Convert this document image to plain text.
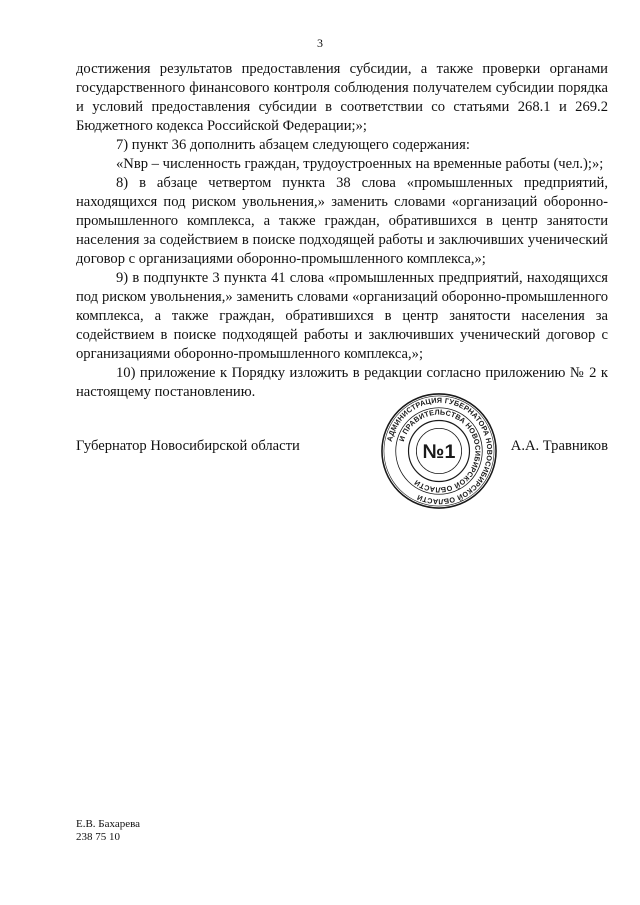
3

достижения результатов предоставления субсидии, а также проверки органами государственного финансового контроля соблюдения получателем субсидии порядка и условий предоставления субсидии в соответствии со статьями 268.1 и 269.2 Бюджетного кодекса Российской Федерации;»;

7) пункт 36 дополнить абзацем следующего содержания:

«Nвр – численность граждан, трудоустроенных на временные работы (чел.);»;

8) в абзаце четвертом пункта 38 слова «промышленных предприятий, находящихся под риском увольнения,» заменить словами «организаций оборонно-промышленного комплекса, а также граждан, обратившихся в центр занятости населения за содействием в поиске подходящей работы и заключивших ученический договор с организациями оборонно-промышленного комплекса,»;

9) в подпункте 3 пункта 41 слова «промышленных предприятий, находящихся под риском увольнения,» заменить словами «организаций оборонно-промышленного комплекса, а также граждан, обратившихся в центр занятости населения за содействием в поиске подходящей работы и заключивших ученический договор с организациями оборонно-промышленного комплекса,»;

10) приложение к Порядку изложить в редакции согласно приложению № 2 к настоящему постановлению.

Губернатор Новосибирской области	А.А. Травников
АДМИНИСТРАЦИЯ ГУБЕРНАТОРА НОВОСИБИРСКОЙ ОБЛАСТИ
И ПРАВИТЕЛЬСТВА НОВОСИБИРСКОЙ ОБЛАСТИ
№1
Е.В. Бахарева
238 75 10
